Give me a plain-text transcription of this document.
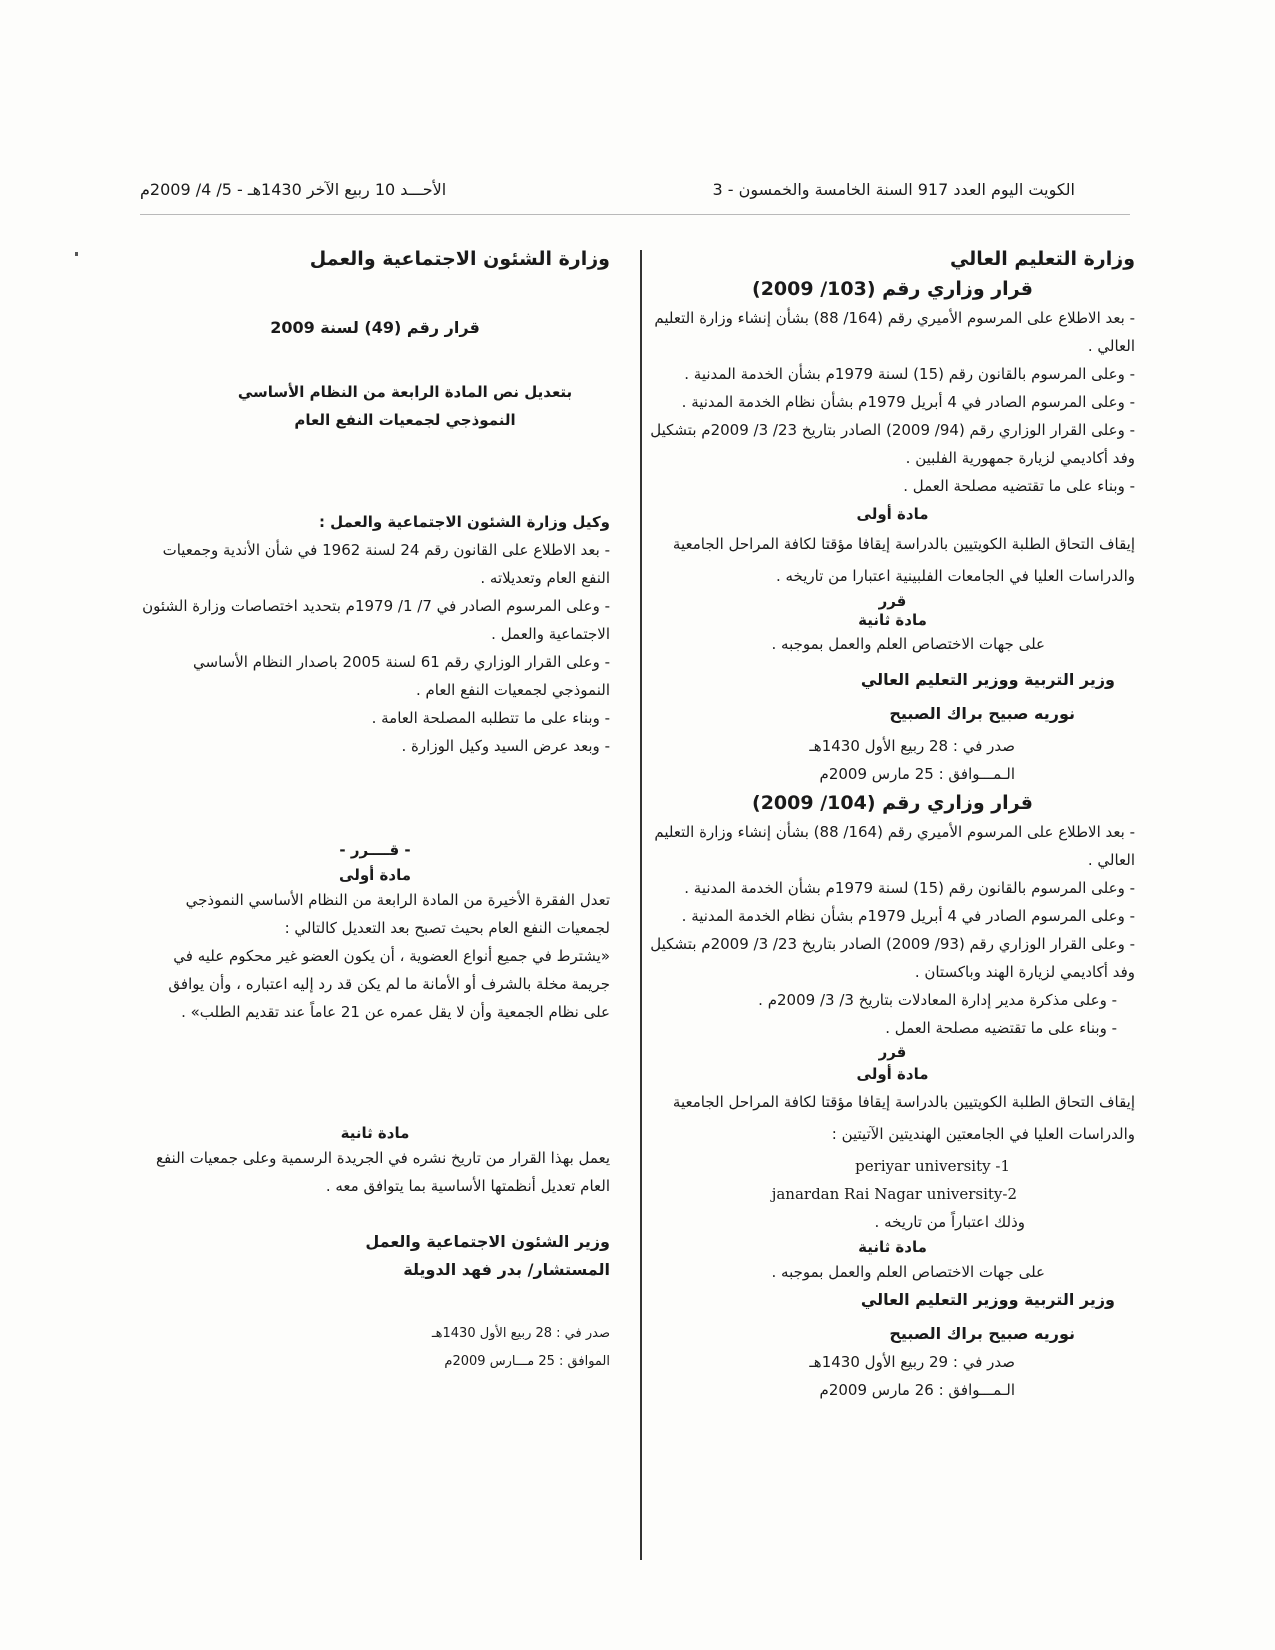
الكويت اليوم العدد 917 السنة الخامسة والخمسون - 3
الأحـــد 10 ربيع الآخر 1430هـ - 5/ 4/ 2009م
وزارة التعليم العالي
قرار وزاري رقم (103/ 2009)

- بعد الاطلاع على المرسوم الأميري رقم (164/ 88) بشأن إنشاء وزارة التعليم العالي .

- وعلى المرسوم بالقانون رقم (15) لسنة 1979م بشأن الخدمة المدنية .

- وعلى المرسوم الصادر في 4 أبريل 1979م بشأن نظام الخدمة المدنية .

- وعلى القرار الوزاري رقم (94/ 2009) الصادر بتاريخ 23/ 3/ 2009م بتشكيل وفد أكاديمي لزيارة جمهورية الفلبين .

- وبناء على ما تقتضيه مصلحة العمل .

مادة أولى

إيقاف التحاق الطلبة الكويتيين بالدراسة إيقافا مؤقتا لكافة المراحل الجامعية والدراسات العليا في الجامعات الفلبينية اعتبارا من تاريخه .

قرر
مادة ثانية

على جهات الاختصاص العلم والعمل بموجبه .

وزير التربية ووزير التعليم العالي
نوريه صبيح براك الصبيح
صدر في : 28 ربيع الأول 1430هـ
الـمـــوافق : 25 مارس 2009م
قرار وزاري رقم (104/ 2009)

- بعد الاطلاع على المرسوم الأميري رقم (164/ 88) بشأن إنشاء وزارة التعليم العالي .

- وعلى المرسوم بالقانون رقم (15) لسنة 1979م بشأن الخدمة المدنية .

- وعلى المرسوم الصادر في 4 أبريل 1979م بشأن نظام الخدمة المدنية .

- وعلى القرار الوزاري رقم (93/ 2009) الصادر بتاريخ 23/ 3/ 2009م بتشكيل وفد أكاديمي لزيارة الهند وباكستان .

- وعلى مذكرة مدير إدارة المعادلات بتاريخ 3/ 3/ 2009م .

- وبناء على ما تقتضيه مصلحة العمل .

قرر
مادة أولى

إيقاف التحاق الطلبة الكويتيين بالدراسة إيقافا مؤقتا لكافة المراحل الجامعية والدراسات العليا في الجامعتين الهنديتين الآتيتين :

periyar university -1
janardan Rai Nagar university-2

وذلك اعتباراً من تاريخه .

مادة ثانية

على جهات الاختصاص العلم والعمل بموجبه .

وزير التربية ووزير التعليم العالي
نوريه صبيح براك الصبيح
صدر في : 29 ربيع الأول 1430هـ
الـمـــوافق : 26 مارس 2009م
وزارة الشئون الاجتماعية والعمل
قرار رقم (49) لسنة 2009
بتعديل نص المادة الرابعة من النظام الأساسي
النموذجي لجمعيات النفع العام
وكيل وزارة الشئون الاجتماعية والعمل :

- بعد الاطلاع على القانون رقم 24 لسنة 1962 في شأن الأندية وجمعيات النفع العام وتعديلاته .

- وعلى المرسوم الصادر في 7/ 1/ 1979م بتحديد اختصاصات وزارة الشئون الاجتماعية والعمل .

- وعلى القرار الوزاري رقم 61 لسنة 2005 باصدار النظام الأساسي النموذجي لجمعيات النفع العام .

- وبناء على ما تتطلبه المصلحة العامة .

- وبعد عرض السيد وكيل الوزارة .

- قــــرر -
مادة أولى

تعدل الفقرة الأخيرة من المادة الرابعة من النظام الأساسي النموذجي لجمعيات النفع العام بحيث تصبح بعد التعديل كالتالي :

«يشترط في جميع أنواع العضوية ، أن يكون العضو غير محكوم عليه في جريمة مخلة بالشرف أو الأمانة ما لم يكن قد رد إليه اعتباره ، وأن يوافق على نظام الجمعية وأن لا يقل عمره عن 21 عاماً عند تقديم الطلب» .

مادة ثانية

يعمل بهذا القرار من تاريخ نشره في الجريدة الرسمية وعلى جمعيات النفع العام تعديل أنظمتها الأساسية بما يتوافق معه .

وزير الشئون الاجتماعية والعمل
المستشار/ بدر فهد الدويلة
صدر في : 28 ربيع الأول 1430هـ
الموافق : 25 مـــارس 2009م
